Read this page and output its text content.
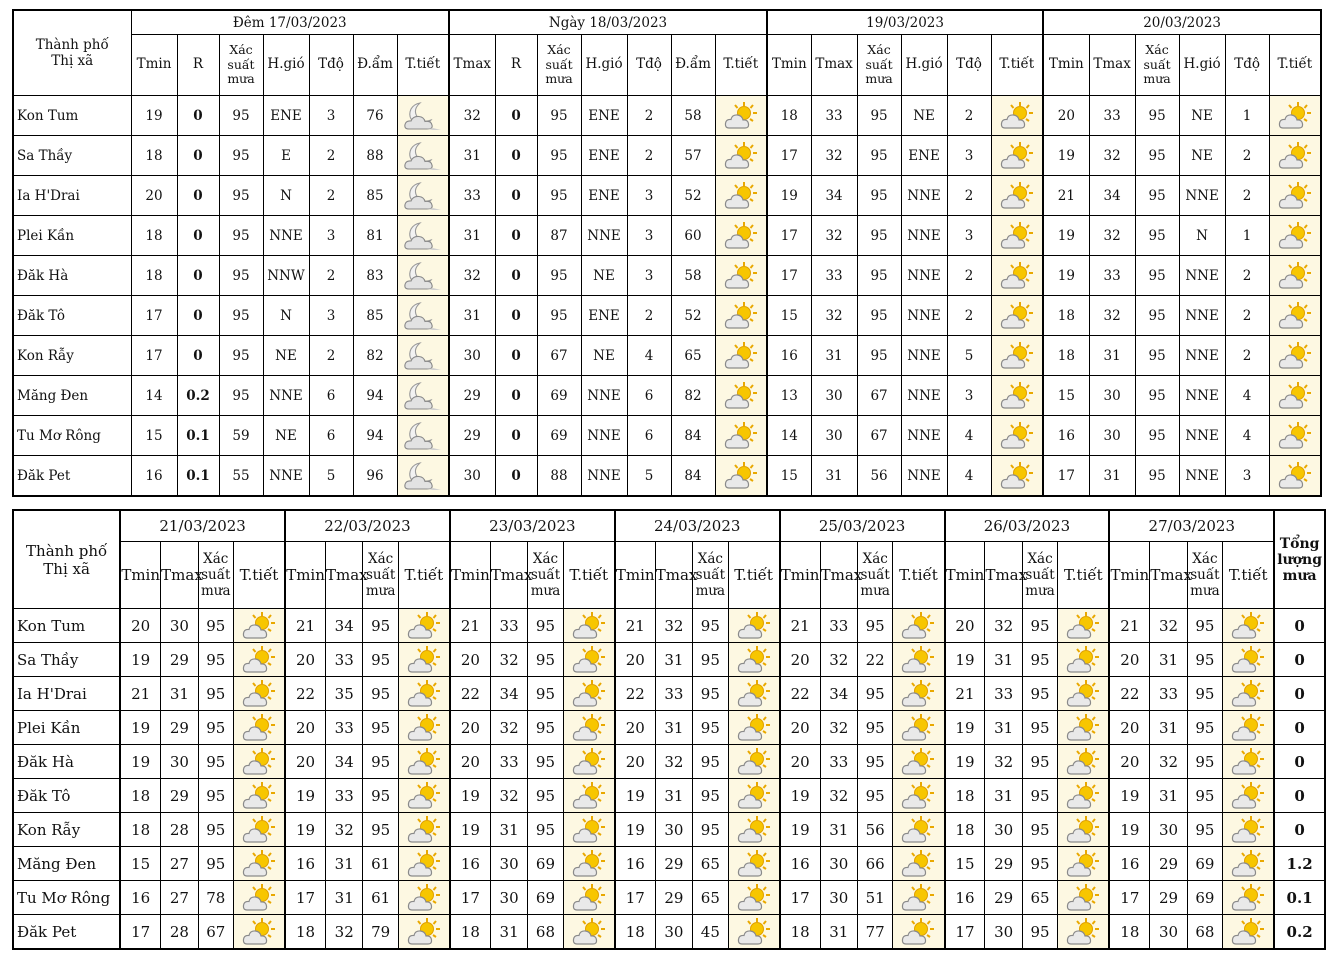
Thành phố
Thị xã	Đêm 17/03/2023							Ngày 18/03/2023							19/03/2023						20/03/2023					
	Tmin	R	Xác
suất
mưa	H.gió	Tđộ	Đ.ẩm	T.tiết	Tmax	R	Xác
suất
mưa	H.gió	Tđộ	Đ.ẩm	T.tiết	Tmin	Tmax	Xác
suất
mưa	H.gió	Tđộ	T.tiết	Tmin	Tmax	Xác
suất
mưa	H.gió	Tđộ	T.tiết
Kon Tum	19	0	95	ENE	3	76		32	0	95	ENE	2	58		18	33	95	NE	2		20	33	95	NE	1	

Sa Thầy	18	0	95	E	2	88		31	0	95	ENE	2	57		17	32	95	ENE	3		19	32	95	NE	2	

Ia H'Drai	20	0	95	N	2	85		33	0	95	ENE	3	52		19	34	95	NNE	2		21	34	95	NNE	2	

Plei Kần	18	0	95	NNE	3	81		31	0	87	NNE	3	60		17	32	95	NNE	3		19	32	95	N	1	

Đăk Hà	18	0	95	NNW	2	83		32	0	95	NE	3	58		17	33	95	NNE	2		19	33	95	NNE	2	

Đăk Tô	17	0	95	N	3	85		31	0	95	ENE	2	52		15	32	95	NNE	2		18	32	95	NNE	2	

Kon Rẫy	17	0	95	NE	2	82		30	0	67	NE	4	65		16	31	95	NNE	5		18	31	95	NNE	2	

Măng Đen	14	0.2	95	NNE	6	94		29	0	69	NNE	6	82		13	30	67	NNE	3		15	30	95	NNE	4	

Tu Mơ Rông	15	0.1	59	NE	6	94		29	0	69	NNE	6	84		14	30	67	NNE	4		16	30	95	NNE	4	

Đăk Pet	16	0.1	55	NNE	5	96		30	0	88	NNE	5	84		15	31	56	NNE	4		17	31	95	NNE	3	
Thành phố
Thị xã	21/03/2023				22/03/2023				23/03/2023				24/03/2023				25/03/2023				26/03/2023				27/03/2023				Tổng
lượng
mưa
	Tmin	Tmax	Xác
suất
mưa	T.tiết	Tmin	Tmax	Xác
suất
mưa	T.tiết	Tmin	Tmax	Xác
suất
mưa	T.tiết	Tmin	Tmax	Xác
suất
mưa	T.tiết	Tmin	Tmax	Xác
suất
mưa	T.tiết	Tmin	Tmax	Xác
suất
mưa	T.tiết	Tmin	Tmax	Xác
suất
mưa	T.tiết	
Kon Tum	20	30	95		21	34	95		21	33	95		21	32	95		21	33	95		20	32	95		21	32	95		0
Sa Thầy	19	29	95		20	33	95		20	32	95		20	31	95		20	32	22		19	31	95		20	31	95		0
Ia H'Drai	21	31	95		22	35	95		22	34	95		22	33	95		22	34	95		21	33	95		22	33	95		0
Plei Kần	19	29	95		20	33	95		20	32	95		20	31	95		20	32	95		19	31	95		20	31	95		0
Đăk Hà	19	30	95		20	34	95		20	33	95		20	32	95		20	33	95		19	32	95		20	32	95		0
Đăk Tô	18	29	95		19	33	95		19	32	95		19	31	95		19	32	95		18	31	95		19	31	95		0
Kon Rẫy	18	28	95		19	32	95		19	31	95		19	30	95		19	31	56		18	30	95		19	30	95		0
Măng Đen	15	27	95		16	31	61		16	30	69		16	29	65		16	30	66		15	29	95		16	29	69		1.2
Tu Mơ Rông	16	27	78		17	31	61		17	30	69		17	29	65		17	30	51		16	29	65		17	29	69		0.1
Đăk Pet	17	28	67		18	32	79		18	31	68		18	30	45		18	31	77		17	30	95		18	30	68		0.2
